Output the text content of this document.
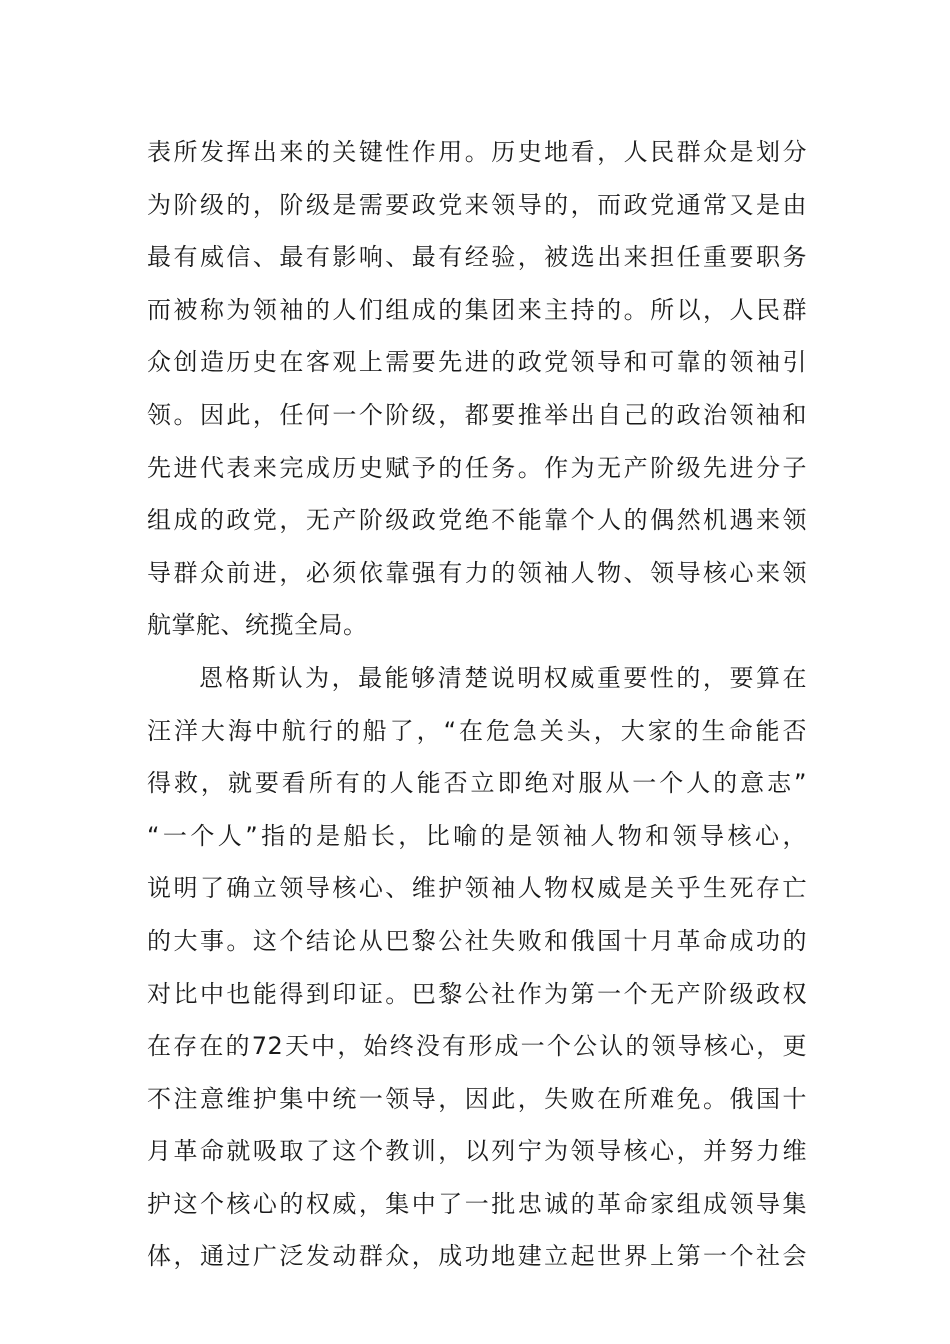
表所发挥出来的关键性作用。历史地看，人民群众是划分
为阶级的，阶级是需要政党来领导的，而政党通常又是由
最有威信、最有影响、最有经验，被选出来担任重要职务
而被称为领袖的人们组成的集团来主持的。所以，人民群
众创造历史在客观上需要先进的政党领导和可靠的领袖引
领。因此，任何一个阶级，都要推举出自己的政治领袖和
先进代表来完成历史赋予的任务。作为无产阶级先进分子
组成的政党，无产阶级政党绝不能靠个人的偶然机遇来领
导群众前进，必须依靠强有力的领袖人物、领导核心来领
航掌舵、统揽全局。
恩格斯认为，最能够清楚说明权威重要性的，要算在
汪洋大海中航行的船了，“在危急关头，大家的生命能否
得救，就要看所有的人能否立即绝对服从一个人的意志”
“一个人”指的是船长，比喻的是领袖人物和领导核心，
说明了确立领导核心、维护领袖人物权威是关乎生死存亡
的大事。这个结论从巴黎公社失败和俄国十月革命成功的
对比中也能得到印证。巴黎公社作为第一个无产阶级政权
在存在的72天中，始终没有形成一个公认的领导核心，更
不注意维护集中统一领导，因此，失败在所难免。俄国十
月革命就吸取了这个教训，以列宁为领导核心，并努力维
护这个核心的权威，集中了一批忠诚的革命家组成领导集
体，通过广泛发动群众，成功地建立起世界上第一个社会
